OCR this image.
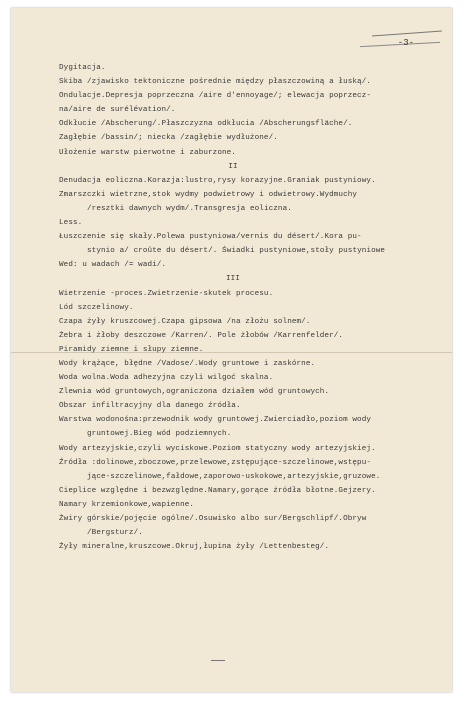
-3-
Dygitacja.
Skiba /zjawisko tektoniczne pośrednie między płaszczowiną a łuską/.
Ondulacje.Depresja poprzeczna /aire d'ennoyage/; elewacja poprzecz-
na/aire de surélévation/.
Odkłucie /Abscherung/.Płaszczyzna odkłucia /Abscherungsfläche/.
Zagłębie /bassin/; niecka /zagłębie wydłużone/.
Ułożenie warstw pierwotne i zaburzone.
II
Denudacja eoliczna.Korazja:lustro,rysy korazyjne.Graniak pustyniowy.
Zmarszczki wietrzne,stok wydmy podwietrowy i odwietrowy.Wydmuchy
/resztki dawnych wydm/.Transgresja eoliczna.
Less.
Łuszczenie się skały.Polewa pustyniowa/vernis du désert/.Kora pu-
stynio a/ croûte du désert/. Świadki pustyniowe,stoły pustyniowe
Wed: u wadach /= wadi/.
III
Wietrzenie -proces.Zwietrzenie-skutek procesu.
Lód szczelinowy.
Czapa żyły kruszcowej.Czapa gipsowa /na złożu solnem/.
Żebra i żłoby deszczowe /Karren/. Pole żłobów /Karrenfelder/.
Piramidy ziemne i słupy ziemne.
Wody krążące, błędne /Vadose/.Wody gruntowe i zaskórne.
Woda wolna.Woda adhezyjna czyli wilgoć skalna.
Zlewnia wód gruntowych,ograniczona działem wód gruntowych.
Obszar infiltracyjny dla danego źródła.
Warstwa wodonośna:przewodnik wody gruntowej.Zwierciadło,poziom wody
gruntowej.Bieg wód podziemnych.
Wody artezyjskie,czyli wyciskowe.Poziom statyczny wody artezyjskiej.
Źródła :dolinowe,zboczowe,przelewowe,zstępujące-szczelinowe,wstępu-
jące-szczelinowe,fałdowe,zaporowo-uskokowe,artezyjskie,gruzowe.
Cieplice względne i bezwzględne.Namary,gorące źródła błotne.Gejzery.
Namary krzemionkowe,wapienne.
Żwiry górskie/pojęcie ogólne/.Osuwisko albo sur/Bergschlipf/.Obryw
/Bergsturz/.
Żyły mineralne,kruszcowe.Okruj,łupina żyły /Lettenbesteg/.
